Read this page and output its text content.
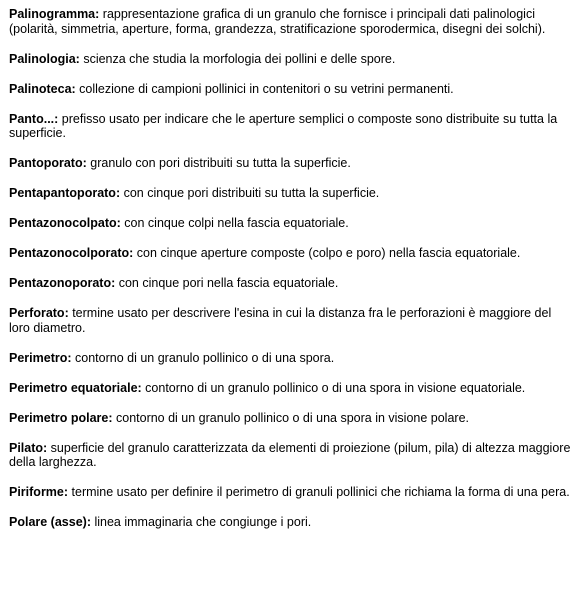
Palinogramma: rappresentazione grafica di un granulo che fornisce i principali dati palinologici (polarità, simmetria, aperture, forma, grandezza, stratificazione sporodermica, disegni dei solchi).

Palinologia: scienza che studia la morfologia dei pollini e delle spore.

Palinoteca: collezione di campioni pollinici in contenitori o su vetrini permanenti.

Panto...: prefisso usato per indicare che le aperture semplici o composte sono distribuite su tutta la superficie.

Pantoporato: granulo con pori distribuiti su tutta la superficie.

Pentapantoporato: con cinque pori distribuiti su tutta la superficie.

Pentazonocolpato: con cinque colpi nella fascia equatoriale.

Pentazonocolporato: con cinque aperture composte (colpo e poro) nella fascia equatoriale.

Pentazonoporato: con cinque pori nella fascia equatoriale.

Perforato: termine usato per descrivere l'esina in cui la distanza fra le perforazioni è maggiore del loro diametro.

Perimetro: contorno di un granulo pollinico o di una spora.

Perimetro equatoriale: contorno di un granulo pollinico o di una spora in visione equatoriale.

Perimetro polare: contorno di un granulo pollinico o di una spora in visione polare.

Pilato: superficie del granulo caratterizzata da elementi di proiezione (pilum, pila) di altezza maggiore della larghezza.

Piriforme: termine usato per definire il perimetro di granuli pollinici che richiama la forma di una pera.

Polare (asse): linea immaginaria che congiunge i pori.
